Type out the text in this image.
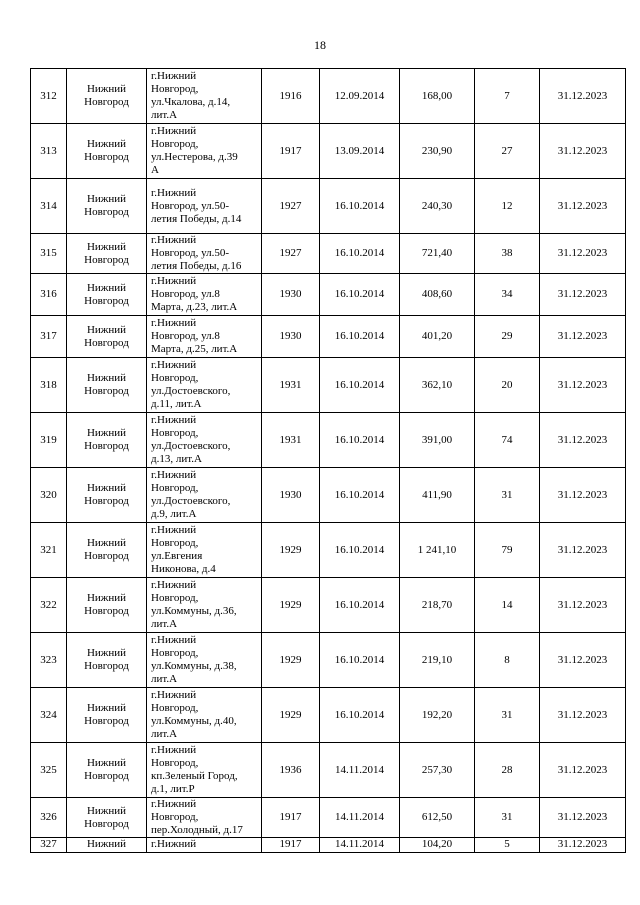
18
312	Нижний
Новгород	г.Нижний
Новгород,
ул.Чкалова, д.14,
лит.А	1916	12.09.2014	168,00	7	31.12.2023
313	Нижний
Новгород	г.Нижний
Новгород,
ул.Нестерова, д.39
А	1917	13.09.2014	230,90	27	31.12.2023
314	Нижний
Новгород	г.Нижний
Новгород, ул.50-
летия Победы, д.14	1927	16.10.2014	240,30	12	31.12.2023
315	Нижний
Новгород	г.Нижний
Новгород, ул.50-
летия Победы, д.16	1927	16.10.2014	721,40	38	31.12.2023
316	Нижний
Новгород	г.Нижний
Новгород, ул.8
Марта, д.23, лит.А	1930	16.10.2014	408,60	34	31.12.2023
317	Нижний
Новгород	г.Нижний
Новгород, ул.8
Марта, д.25, лит.А	1930	16.10.2014	401,20	29	31.12.2023
318	Нижний
Новгород	г.Нижний
Новгород,
ул.Достоевского,
д.11, лит.А	1931	16.10.2014	362,10	20	31.12.2023
319	Нижний
Новгород	г.Нижний
Новгород,
ул.Достоевского,
д.13, лит.А	1931	16.10.2014	391,00	74	31.12.2023
320	Нижний
Новгород	г.Нижний
Новгород,
ул.Достоевского,
д.9, лит.А	1930	16.10.2014	411,90	31	31.12.2023
321	Нижний
Новгород	г.Нижний
Новгород,
ул.Евгения
Никонова, д.4	1929	16.10.2014	1 241,10	79	31.12.2023
322	Нижний
Новгород	г.Нижний
Новгород,
ул.Коммуны, д.36,
лит.А	1929	16.10.2014	218,70	14	31.12.2023
323	Нижний
Новгород	г.Нижний
Новгород,
ул.Коммуны, д.38,
лит.А	1929	16.10.2014	219,10	8	31.12.2023
324	Нижний
Новгород	г.Нижний
Новгород,
ул.Коммуны, д.40,
лит.А	1929	16.10.2014	192,20	31	31.12.2023
325	Нижний
Новгород	г.Нижний
Новгород,
кп.Зеленый Город,
д.1, лит.Р	1936	14.11.2014	257,30	28	31.12.2023
326	Нижний
Новгород	г.Нижний
Новгород,
пер.Холодный, д.17	1917	14.11.2014	612,50	31	31.12.2023
327	Нижний	г.Нижний	1917	14.11.2014	104,20	5	31.12.2023
